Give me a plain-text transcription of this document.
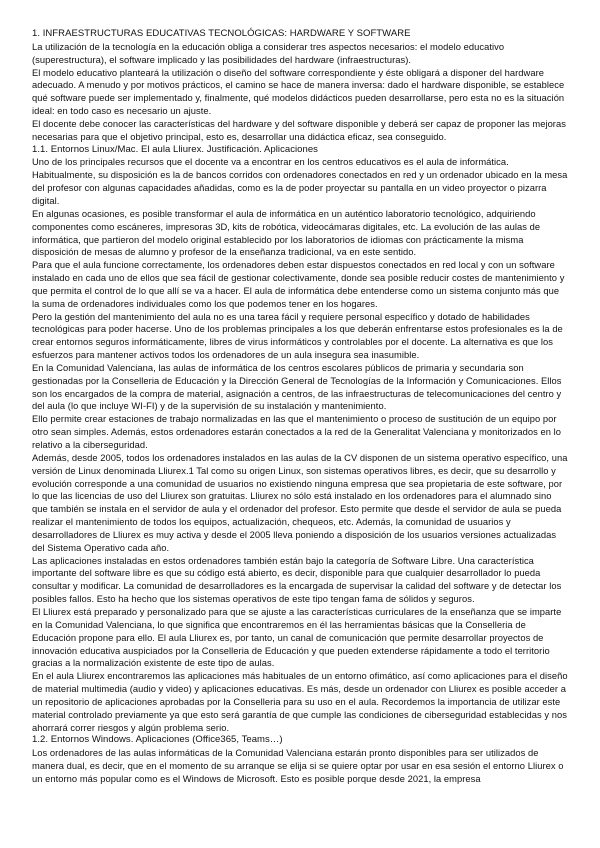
1. INFRAESTRUCTURAS EDUCATIVAS TECNOLÓGICAS: HARDWARE Y SOFTWARE

La utilización de la tecnología en la educación obliga a considerar tres aspectos necesarios: el modelo educativo (superestructura), el software implicado y las posibilidades del hardware (infraestructuras).

El modelo educativo planteará la utilización o diseño del software correspondiente y éste obligará a disponer del hardware adecuado. A menudo y por motivos prácticos, el camino se hace de manera inversa: dado el hardware disponible, se establece qué software puede ser implementado y, finalmente, qué modelos didácticos pueden desarrollarse, pero esta no es la situación ideal: en todo caso es necesario un ajuste.

El docente debe conocer las características del hardware y del software disponible y deberá ser capaz de proponer las mejoras necesarias para que el objetivo principal, esto es, desarrollar una didáctica eficaz, sea conseguido.

1.1. Entornos Linux/Mac. El aula Lliurex. Justificación. Aplicaciones

Uno de los principales recursos que el docente va a encontrar en los centros educativos es el aula de informática. Habitualmente, su disposición es la de bancos corridos con ordenadores conectados en red y un ordenador ubicado en la mesa del profesor con algunas capacidades añadidas, como es la de poder proyectar su pantalla en un video proyector o pizarra digital.

En algunas ocasiones, es posible transformar el aula de informática en un auténtico laboratorio tecnológico, adquiriendo componentes como escáneres, impresoras 3D, kits de robótica, videocámaras digitales, etc. La evolución de las aulas de informática, que partieron del modelo original establecido por los laboratorios de idiomas con prácticamente la misma disposición de mesas de alumno y profesor de la enseñanza tradicional, va en este sentido.

Para que el aula funcione correctamente, los ordenadores deben estar dispuestos conectados en red local y con un software instalado en cada uno de ellos que sea fácil de gestionar colectivamente, donde sea posible reducir costes de mantenimiento y que permita el control de lo que allí se va a hacer. El aula de informática debe entenderse como un sistema conjunto más que la suma de ordenadores individuales como los que podemos tener en los hogares.

Pero la gestión del mantenimiento del aula no es una tarea fácil y requiere personal específico y dotado de habilidades tecnológicas para poder hacerse. Uno de los problemas principales a los que deberán enfrentarse estos profesionales es la de crear entornos seguros informáticamente, libres de virus informáticos y controlables por el docente. La alternativa es que los esfuerzos para mantener activos todos los ordenadores de un aula insegura sea inasumible.

En la Comunidad Valenciana, las aulas de informática de los centros escolares públicos de primaria y secundaria son gestionadas por la Conselleria de Educación y la Dirección General de Tecnologías de la Información y Comunicaciones. Ellos son los encargados de la compra de material, asignación a centros, de las infraestructuras de telecomunicaciones del centro y del aula (lo que incluye WI-FI) y de la supervisión de su instalación y mantenimiento.

Ello permite crear estaciones de trabajo normalizadas en las que el mantenimiento o proceso de sustitución de un equipo por otro sean simples. Además, estos ordenadores estarán conectados a la red de la Generalitat Valenciana y monitorizados en lo relativo a la ciberseguridad.

Además, desde 2005, todos los ordenadores instalados en las aulas de la CV disponen de un sistema operativo específico, una versión de Linux denominada Lliurex.1 Tal como su origen Linux, son sistemas operativos libres, es decir, que su desarrollo y evolución corresponde a una comunidad de usuarios no existiendo ninguna empresa que sea propietaria de este software, por lo que las licencias de uso del Lliurex son gratuitas. Lliurex no sólo está instalado en los ordenadores para el alumnado sino que también se instala en el servidor de aula y el ordenador del profesor. Esto permite que desde el servidor de aula se pueda realizar el mantenimiento de todos los equipos, actualización, chequeos, etc. Además, la comunidad de usuarios y desarrolladores de Lliurex es muy activa y desde el 2005 lleva poniendo a disposición de los usuarios versiones actualizadas del Sistema Operativo cada año.

Las aplicaciones instaladas en estos ordenadores también están bajo la categoría de Software Libre. Una característica importante del software libre es que su código está abierto, es decir, disponible para que cualquier desarrollador lo pueda consultar y modificar. La comunidad de desarrolladores es la encargada de supervisar la calidad del software y de detectar los posibles fallos. Esto ha hecho que los sistemas operativos de este tipo tengan fama de sólidos y seguros.

El Lliurex está preparado y personalizado para que se ajuste a las características curriculares de la enseñanza que se imparte en la Comunidad Valenciana, lo que significa que encontraremos en él las herramientas básicas que la Conselleria de Educación propone para ello. El aula Lliurex es, por tanto, un canal de comunicación que permite desarrollar proyectos de innovación educativa auspiciados por la Conselleria de Educación y que pueden extenderse rápidamente a todo el territorio gracias a la normalización existente de este tipo de aulas.

En el aula Lliurex encontraremos las aplicaciones más habituales de un entorno ofimático, así como aplicaciones para el diseño de material multimedia (audio y video) y aplicaciones educativas. Es más, desde un ordenador con Lliurex es posible acceder a un repositorio de aplicaciones aprobadas por la Conselleria para su uso en el aula. Recordemos la importancia de utilizar este material controlado previamente ya que esto será garantía de que cumple las condiciones de ciberseguridad establecidas y nos ahorrará correr riesgos y algún problema serio.

1.2. Entornos Windows. Aplicaciones (Office365, Teams…)

Los ordenadores de las aulas informáticas de la Comunidad Valenciana estarán pronto disponibles para ser utilizados de manera dual, es decir, que en el momento de su arranque se elija si se quiere optar por usar en esa sesión el entorno Lliurex o un entorno más popular como es el Windows de Microsoft. Esto es posible porque desde 2021, la empresa
